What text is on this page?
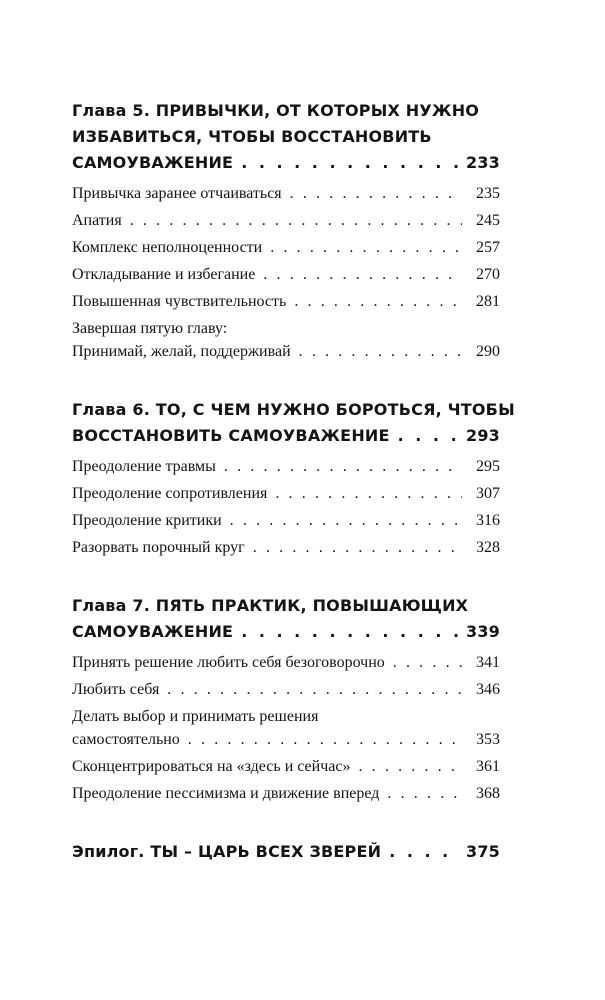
Глава 5. ПРИВЫЧКИ, ОТ КОТОРЫХ НУЖНО
ИЗБАВИТЬСЯ, ЧТОБЫ ВОССТАНОВИТЬ
САМОУВАЖЕНИЕ . . .	233
Привычка заранее отчаиваться . . .	235
Апатия . . .	245
Комплекс неполноценности . . .	257
Откладывание и избегание . . .	270
Повышенная чувствительность . . .	281
Завершая пятую главу:
Принимай, желай, поддерживай . . .	290
Глава 6. ТО, С ЧЕМ НУЖНО БОРОТЬСЯ, ЧТОБЫ
ВОССТАНОВИТЬ САМОУВАЖЕНИЕ . . .	293
Преодоление травмы . . .	295
Преодоление сопротивления . . .	307
Преодоление критики . . .	316
Разорвать порочный круг . . .	328
Глава 7. ПЯТЬ ПРАКТИК, ПОВЫШАЮЩИХ
САМОУВАЖЕНИЕ . . .	339
Принять решение любить себя безоговорочно . . .	341
Любить себя . . .	346
Делать выбор и принимать решения
самостоятельно . . .	353
Сконцентрироваться на «здесь и сейчас» . . .	361
Преодоление пессимизма и движение вперед . . .	368
Эпилог. ТЫ – ЦАРЬ ВСЕХ ЗВЕРЕЙ . . .	375
